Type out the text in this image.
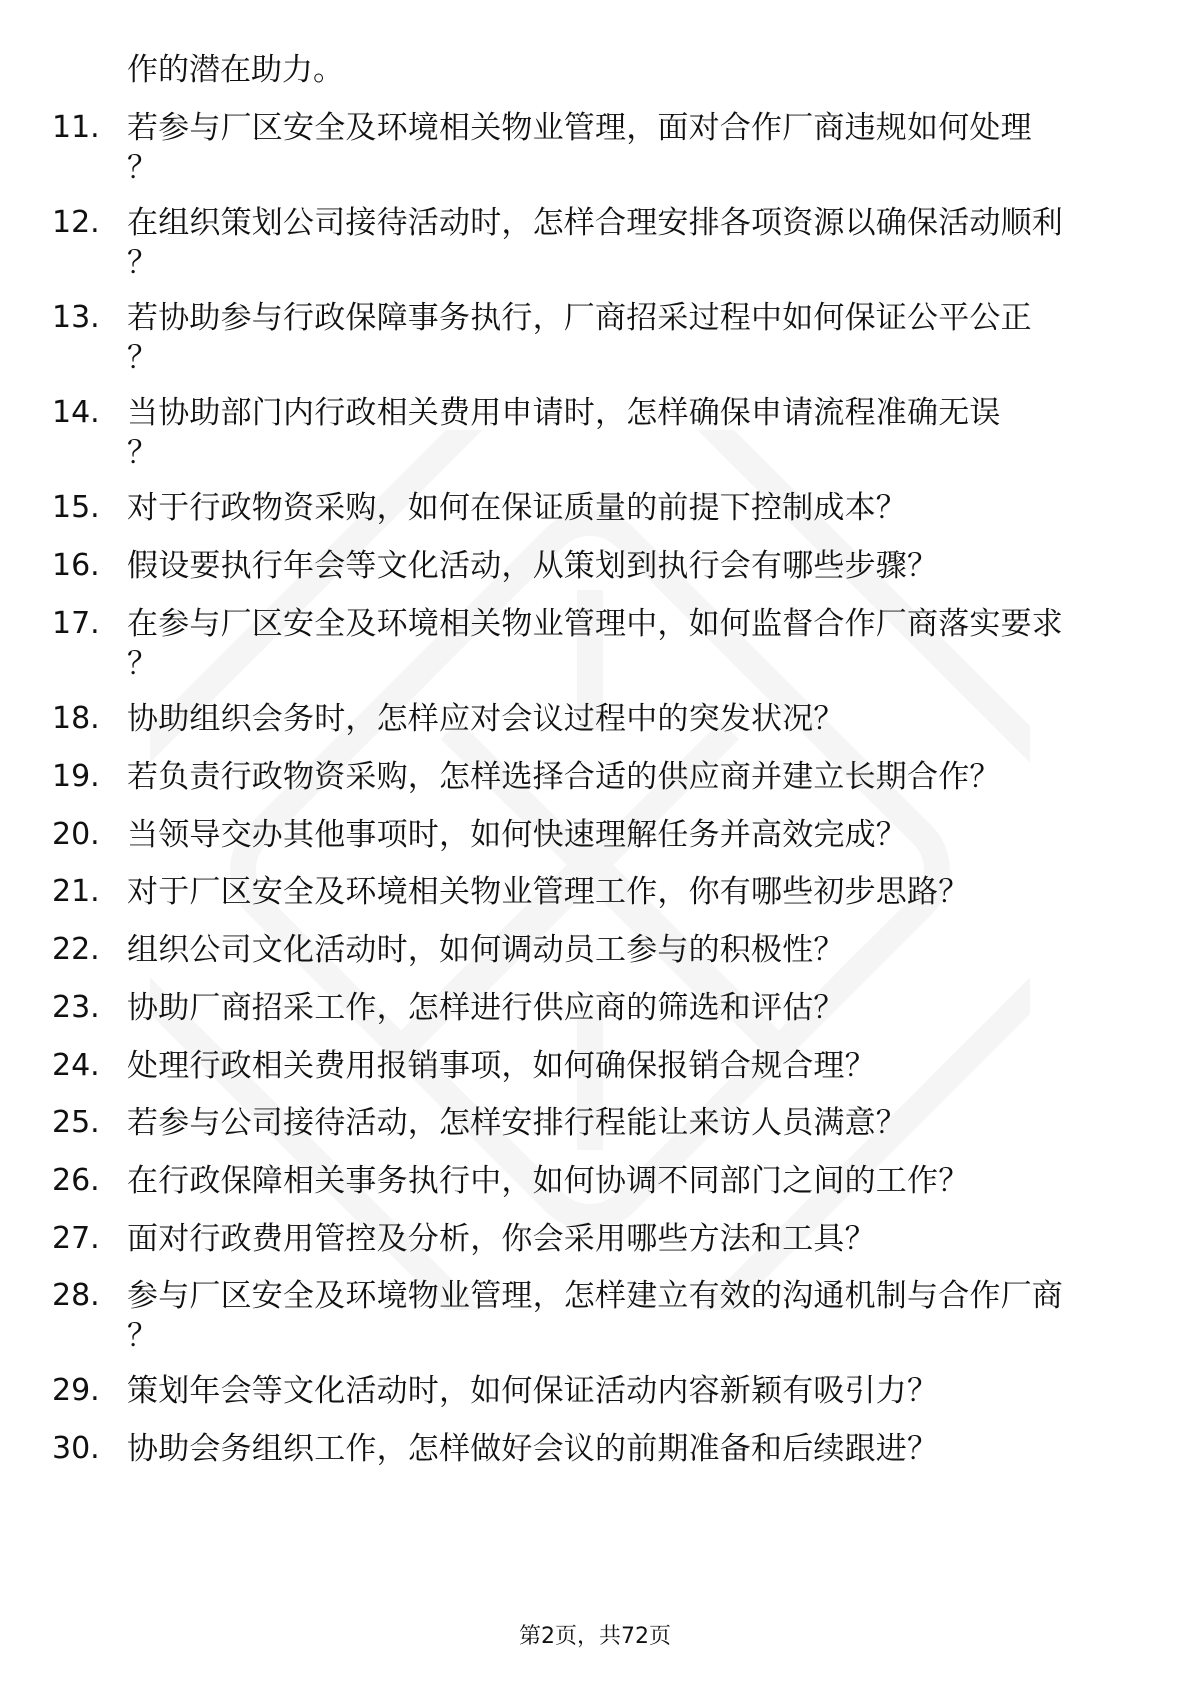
作的潜在助力。
11. 若参与厂区安全及环境相关物业管理，面对合作厂商违规如何处理
？
12. 在组织策划公司接待活动时，怎样合理安排各项资源以确保活动顺利
？
13. 若协助参与行政保障事务执行，厂商招采过程中如何保证公平公正
？
14. 当协助部门内行政相关费用申请时，怎样确保申请流程准确无误
？
15. 对于行政物资采购，如何在保证质量的前提下控制成本？
16. 假设要执行年会等文化活动，从策划到执行会有哪些步骤？
17. 在参与厂区安全及环境相关物业管理中，如何监督合作厂商落实要求
？
18. 协助组织会务时，怎样应对会议过程中的突发状况？
19. 若负责行政物资采购，怎样选择合适的供应商并建立长期合作？
20. 当领导交办其他事项时，如何快速理解任务并高效完成？
21. 对于厂区安全及环境相关物业管理工作，你有哪些初步思路？
22. 组织公司文化活动时，如何调动员工参与的积极性？
23. 协助厂商招采工作，怎样进行供应商的筛选和评估？
24. 处理行政相关费用报销事项，如何确保报销合规合理？
25. 若参与公司接待活动，怎样安排行程能让来访人员满意？
26. 在行政保障相关事务执行中，如何协调不同部门之间的工作？
27. 面对行政费用管控及分析，你会采用哪些方法和工具？
28. 参与厂区安全及环境物业管理，怎样建立有效的沟通机制与合作厂商
？
29. 策划年会等文化活动时，如何保证活动内容新颖有吸引力？
30. 协助会务组织工作，怎样做好会议的前期准备和后续跟进？
第2页，共72页
